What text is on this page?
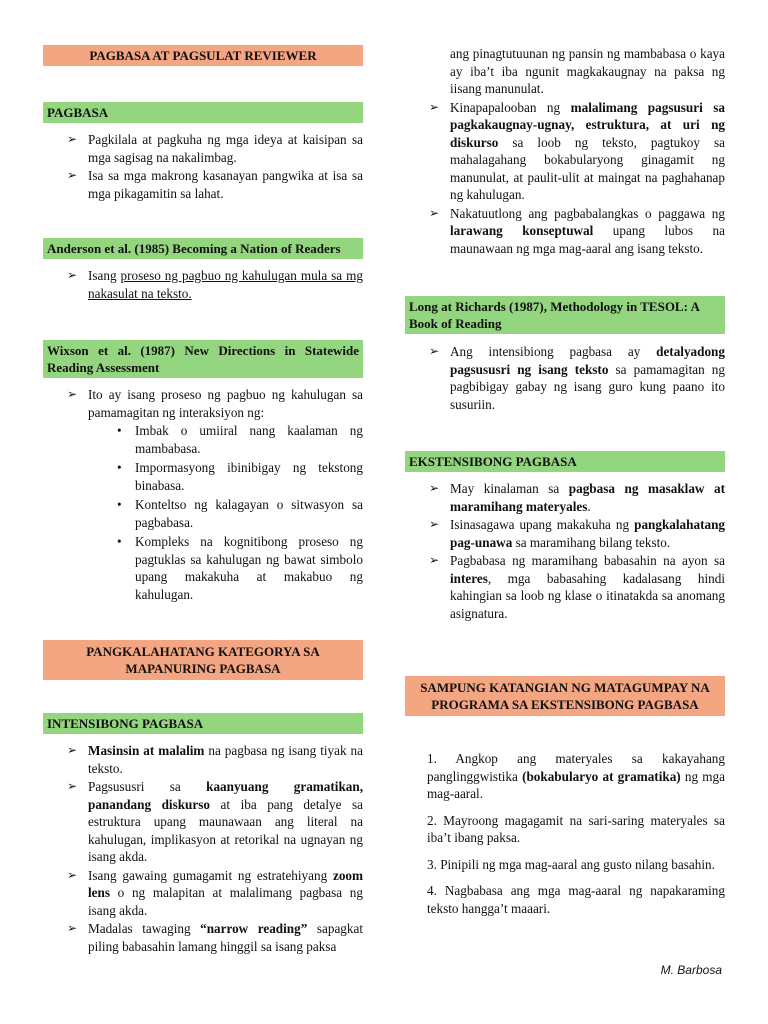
PAGBASA AT PAGSULAT REVIEWER
PAGBASA
➢ Pagkilala at pagkuha ng mga ideya at kaisipan sa mga sagisag na nakalimbag.
➢ Isa sa mga makrong kasanayan pangwika at isa sa mga pikagamitin sa lahat.
Anderson et al. (1985) Becoming a Nation of Readers
➢ Isang proseso ng pagbuo ng kahulugan mula sa mg nakasulat na teksto.
Wixson et al. (1987) New Directions in Statewide Reading Assessment
➢ Ito ay isang proseso ng pagbuo ng kahulugan sa pamamagitan ng interaksiyon ng:
• Imbak o umiiral nang kaalaman ng mambabasa.
• Impormasyong ibinibigay ng tekstong binabasa.
• Konteltso ng kalagayan o sitwasyon sa pagbabasa.
• Kompleks na kognitibong proseso ng pagtuklas sa kahulugan ng bawat simbolo upang makakuha at makabuo ng kahulugan.
PANGKALAHATANG KATEGORYA SA MAPANURING PAGBASA
INTENSIBONG PAGBASA
➢ Masinsin at malalim na pagbasa ng isang tiyak na teksto.
➢ Pagsususri sa kaanyuang gramatikan, panandang diskurso at iba pang detalye sa estruktura upang maunawaan ang literal na kahulugan, implikasyon at retorikal na ugnayan ng isang akda.
➢ Isang gawaing gumagamit ng estratehiyang zoom lens o ng malapitan at malalimang pagbasa ng isang akda.
➢ Madalas tawaging “narrow reading” sapagkat piling babasahin lamang hinggil sa isang paksa
ang pinagtutuunan ng pansin ng mambabasa o kaya ay iba’t iba ngunit magkakaugnay na paksa ng iisang manunulat.
➢ Kinapapalooban ng malalimang pagsusuri sa pagkakaugnay-ugnay, estruktura, at uri ng diskurso sa loob ng teksto, pagtukoy sa mahalagahang bokabularyong ginagamit ng manunulat, at paulit-ulit at maingat na paghahanap ng kahulugan.
➢ Nakatuutlong ang pagbabalangkas o paggawa ng larawang konseptuwal upang lubos na maunawaan ng mga mag-aaral ang isang teksto.
Long at Richards (1987), Methodology in TESOL: A Book of Reading
➢ Ang intensibiong pagbasa ay detalyadong pagsususri ng isang teksto sa pamamagitan ng pagbibigay gabay ng isang guro kung paano ito susuriin.
EKSTENSIBONG PAGBASA
➢ May kinalaman sa pagbasa ng masaklaw at maramihang materyales.
➢ Isinasagawa upang makakuha ng pangkalahatang pag-unawa sa maramihang bilang teksto.
➢ Pagbabasa ng maramihang babasahin na ayon sa interes, mga babasahing kadalasang hindi kahingian sa loob ng klase o itinatakda sa anomang asignatura.
SAMPUNG KATANGIAN NG MATAGUMPAY NA PROGRAMA SA EKSTENSIBONG PAGBASA

1. Angkop ang materyales sa kakayahang panglinggwistika (bokabularyo at gramatika) ng mga mag-aaral.

2. Mayroong magagamit na sari-saring materyales sa iba’t ibang paksa.

3. Pinipili ng mga mag-aaral ang gusto nilang basahin.

4. Nagbabasa ang mga mag-aaral ng napakaraming teksto hangga’t maaari.

M. Barbosa
